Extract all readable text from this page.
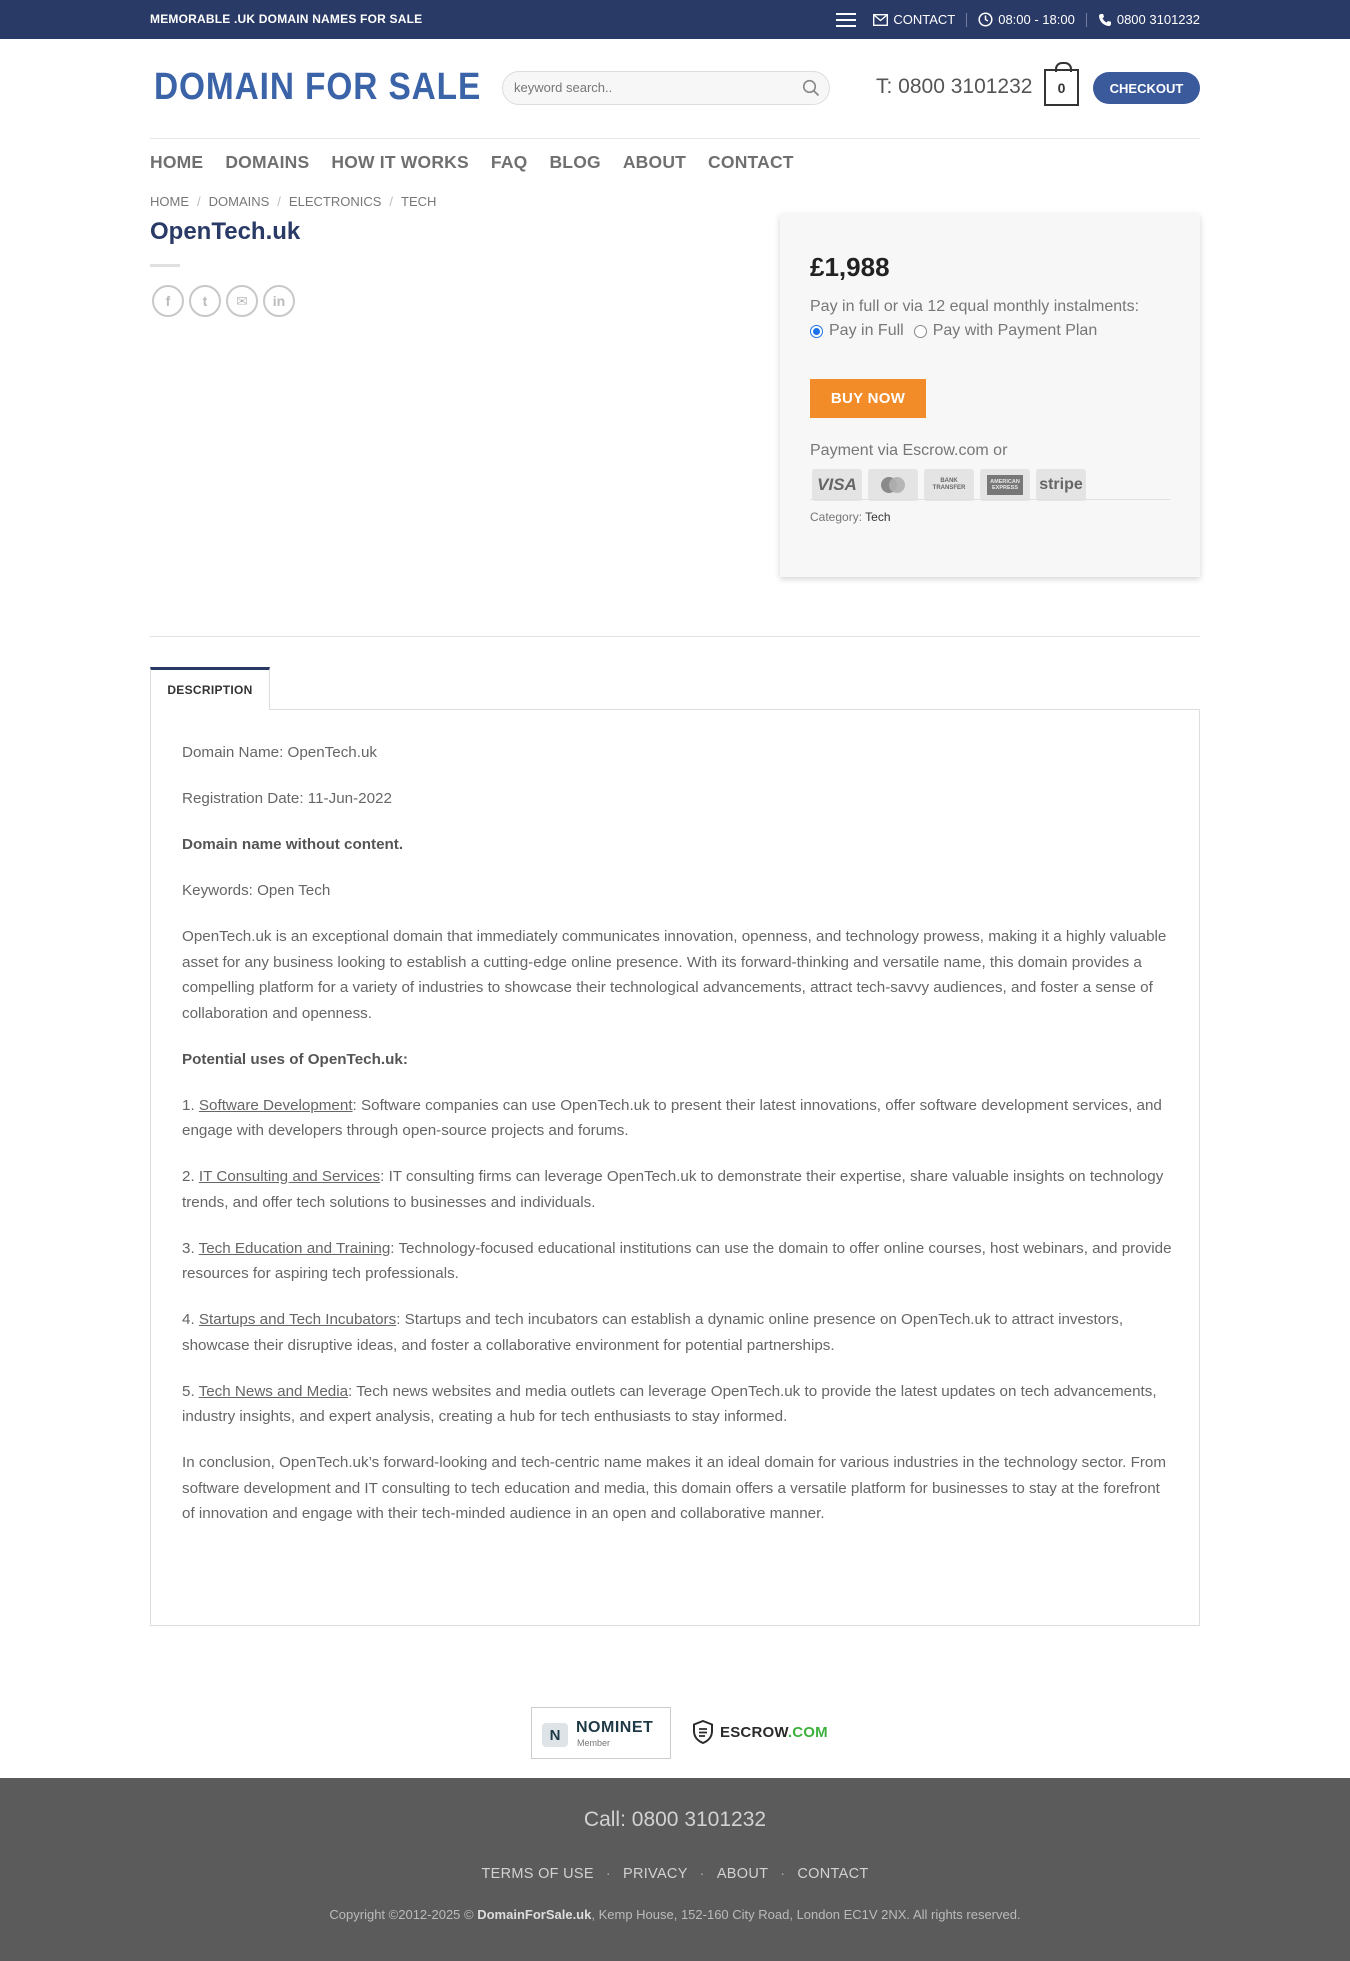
MEMORABLE .UK DOMAIN NAMES FOR SALE	CONTACT	08:00 - 18:00	0800 3101232
DOMAIN FOR SALE
keyword search..	T: 0800 3101232 0	CHECKOUT
HOME DOMAINS HOW IT WORKS FAQ BLOG ABOUT CONTACT
HOME / DOMAINS / ELECTRONICS / TECH
OpenTech.uk
f	t	✉	in
£1,988
Pay in full or via 12 equal monthly instalments:
Pay in Full Pay with Payment Plan
BUY NOW
Payment via Escrow.com or
VISA	BANK TRANSFER
AMERICAN EXPRESS	stripe
Category: Tech
DESCRIPTION

Domain Name: OpenTech.uk

Registration Date: 11-Jun-2022

Domain name without content.

Keywords: Open Tech

OpenTech.uk is an exceptional domain that immediately communicates innovation, openness, and technology prowess, making it a highly valuable asset for any business looking to establish a cutting-edge online presence. With its forward-thinking and versatile name, this domain provides a compelling platform for a variety of industries to showcase their technological advancements, attract tech-savvy audiences, and foster a sense of collaboration and openness.

Potential uses of OpenTech.uk:

1. Software Development: Software companies can use OpenTech.uk to present their latest innovations, offer software development services, and engage with developers through open-source projects and forums.

2. IT Consulting and Services: IT consulting firms can leverage OpenTech.uk to demonstrate their expertise, share valuable insights on technology trends, and offer tech solutions to businesses and individuals.

3. Tech Education and Training: Technology-focused educational institutions can use the domain to offer online courses, host webinars, and provide resources for aspiring tech professionals.

4. Startups and Tech Incubators: Startups and tech incubators can establish a dynamic online presence on OpenTech.uk to attract investors, showcase their disruptive ideas, and foster a collaborative environment for potential partnerships.

5. Tech News and Media: Tech news websites and media outlets can leverage OpenTech.uk to provide the latest updates on tech advancements, industry insights, and expert analysis, creating a hub for tech enthusiasts to stay informed.

In conclusion, OpenTech.uk’s forward-looking and tech-centric name makes it an ideal domain for various industries in the technology sector. From software development and IT consulting to tech education and media, this domain offers a versatile platform for businesses to stay at the forefront of innovation and engage with their tech-minded audience in an open and collaborative manner.

N NOMINET
Member
ESCROW.COM
Call: 0800 3101232
TERMS OF USE · PRIVACY · ABOUT · CONTACT
Copyright ©2012-2025 © DomainForSale.uk, Kemp House, 152-160 City Road, London EC1V 2NX. All rights reserved.
